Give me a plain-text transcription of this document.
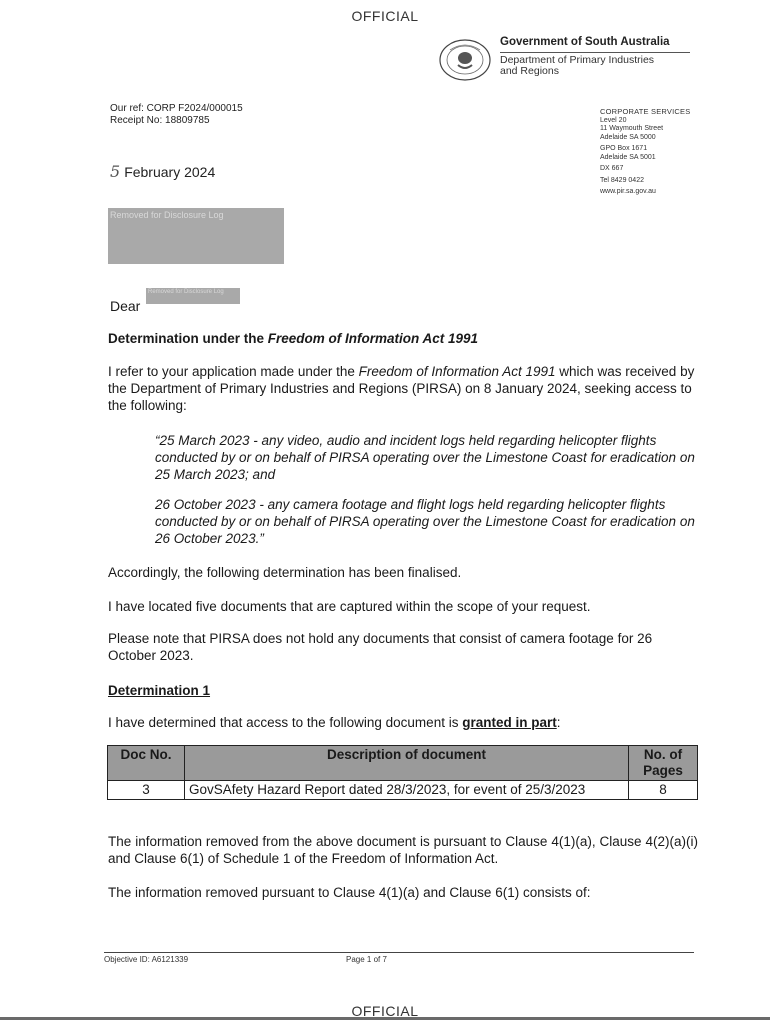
OFFICIAL
Government of South Australia
Department of Primary Industries
and Regions
Our ref: CORP F2024/000015
Receipt No: 18809785
CORPORATE SERVICES
Level 20
11 Waymouth Street
Adelaide SA 5000
GPO Box 1671
Adelaide SA 5001
DX 667
Tel 8429 0422
www.pir.sa.gov.au
5 February 2024
Removed for Disclosure Log
Dear
Removed for Disclosure Log
Determination under the Freedom of Information Act 1991
I refer to your application made under the Freedom of Information Act 1991 which was received by the Department of Primary Industries and Regions (PIRSA) on 8 January 2024, seeking access to the following:
“25 March 2023 - any video, audio and incident logs held regarding helicopter flights conducted by or on behalf of PIRSA operating over the Limestone Coast for eradication on 25 March 2023; and
26 October 2023 - any camera footage and flight logs held regarding helicopter flights conducted by or on behalf of PIRSA operating over the Limestone Coast for eradication on 26 October 2023.”
Accordingly, the following determination has been finalised.
I have located five documents that are captured within the scope of your request.
Please note that PIRSA does not hold any documents that consist of camera footage for 26 October 2023.
Determination 1
I have determined that access to the following document is granted in part:
Doc No.	Description of document	No. of Pages
3	GovSAfety Hazard Report dated 28/3/2023, for event of 25/3/2023	8
The information removed from the above document is pursuant to Clause 4(1)(a), Clause 4(2)(a)(i) and Clause 6(1) of Schedule 1 of the Freedom of Information Act.
The information removed pursuant to Clause 4(1)(a) and Clause 6(1) consists of:
Objective ID: A6121339	Page 1 of 7
OFFICIAL
